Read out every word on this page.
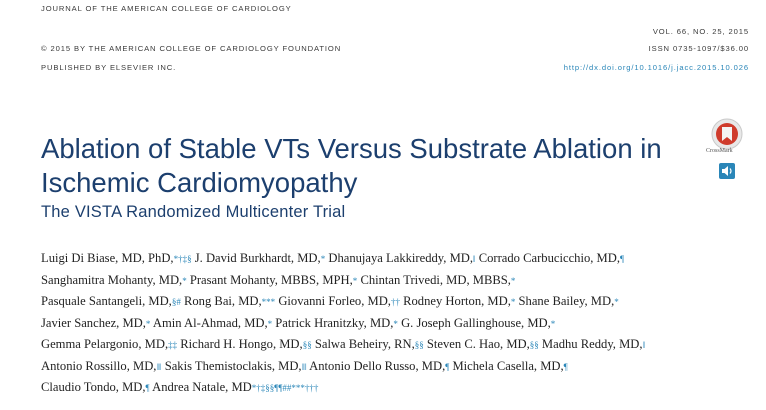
JOURNAL OF THE AMERICAN COLLEGE OF CARDIOLOGY
© 2015 BY THE AMERICAN COLLEGE OF CARDIOLOGY FOUNDATION
PUBLISHED BY ELSEVIER INC.
VOL. 66, NO. 25, 2015
ISSN 0735-1097/$36.00
http://dx.doi.org/10.1016/j.jacc.2015.10.026
Ablation of Stable VTs Versus Substrate Ablation in Ischemic Cardiomyopathy
The VISTA Randomized Multicenter Trial
CrossMark
Luigi Di Biase, MD, PhD,*†‡§ J. David Burkhardt, MD,* Dhanujaya Lakkireddy, MD,‖ Corrado Carbucicchio, MD,¶
Sanghamitra Mohanty, MD,* Prasant Mohanty, MBBS, MPH,* Chintan Trivedi, MD, MBBS,*
Pasquale Santangeli, MD,§# Rong Bai, MD,*** Giovanni Forleo, MD,†† Rodney Horton, MD,* Shane Bailey, MD,*
Javier Sanchez, MD,* Amin Al-Ahmad, MD,* Patrick Hranitzky, MD,* G. Joseph Gallinghouse, MD,*
Gemma Pelargonio, MD,‡‡ Richard H. Hongo, MD,§§ Salwa Beheiry, RN,§§ Steven C. Hao, MD,§§ Madhu Reddy, MD,‖
Antonio Rossillo, MD,‖‖ Sakis Themistoclakis, MD,‖‖ Antonio Dello Russo, MD,¶ Michela Casella, MD,¶
Claudio Tondo, MD,¶ Andrea Natale, MD*†‡§§¶¶##***†††
